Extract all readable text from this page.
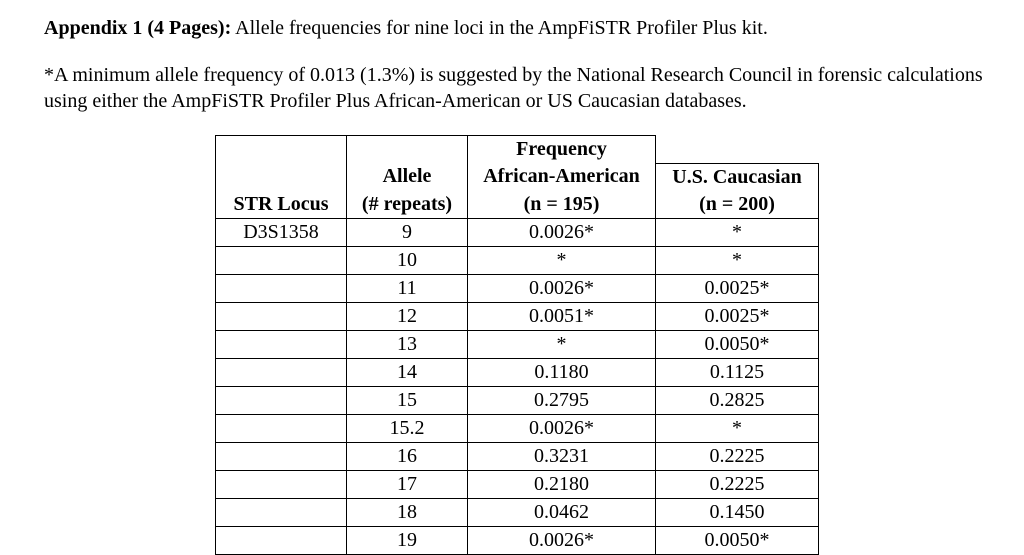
Appendix 1 (4 Pages): Allele frequencies for nine loci in the AmpFiSTR Profiler Plus kit.

*A minimum allele frequency of 0.013 (1.3%) is suggested by the National Research Council in forensic calculations using either the AmpFiSTR Profiler Plus African-American or US Caucasian databases.

		Frequency	
	Allele	African-American	U.S. Caucasian
STR Locus	(# repeats)	(n = 195)	(n = 200)
D3S1358	9	0.0026*	*
	10	*	*
	11	0.0026*	0.0025*
	12	0.0051*	0.0025*
	13	*	0.0050*
	14	0.1180	0.1125
	15	0.2795	0.2825
	15.2	0.0026*	*
	16	0.3231	0.2225
	17	0.2180	0.2225
	18	0.0462	0.1450
	19	0.0026*	0.0050*
